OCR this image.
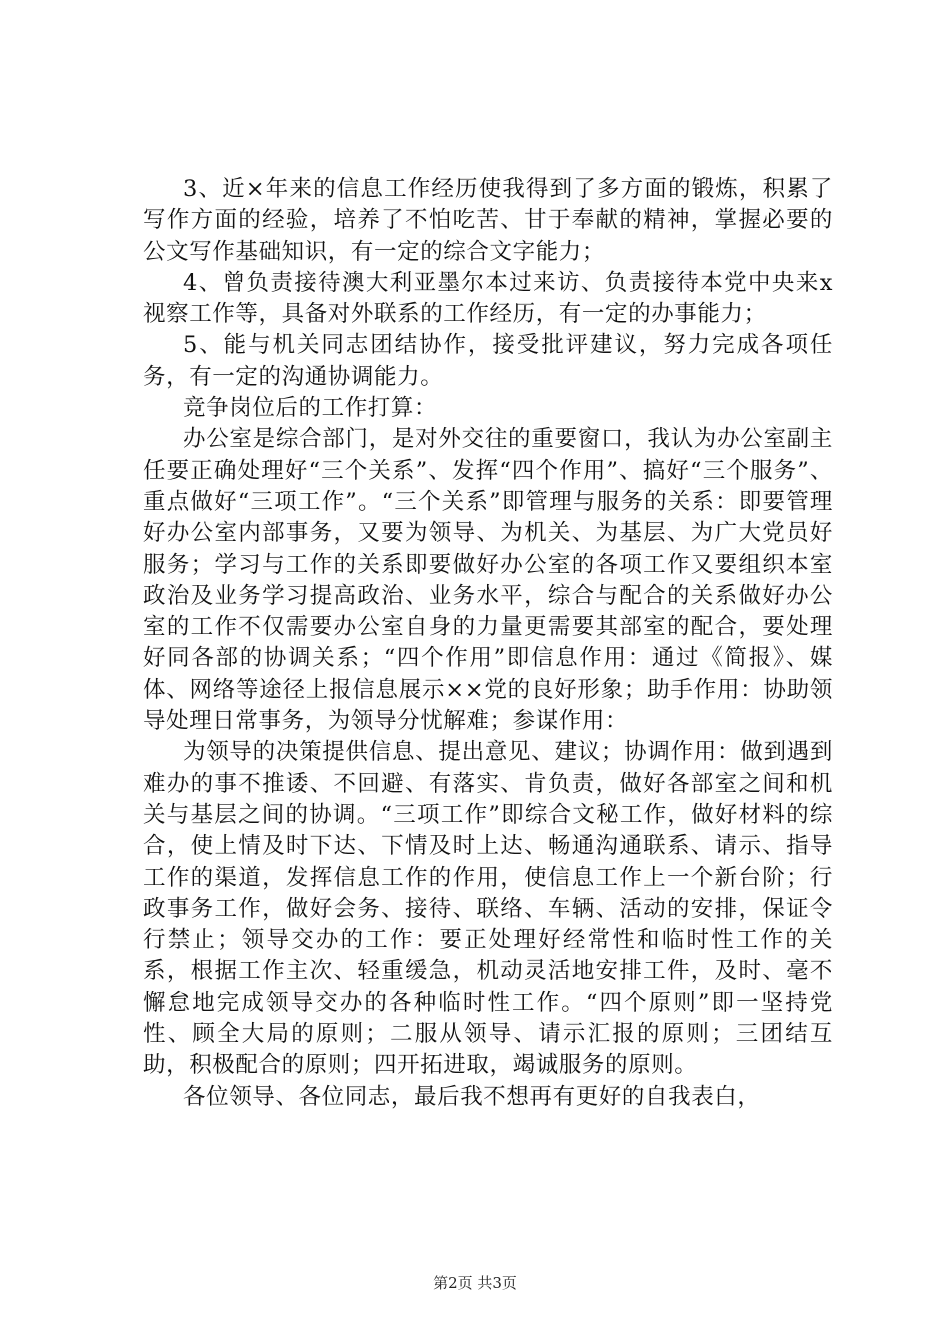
3、近×年来的信息工作经历使我得到了多方面的锻炼，积累了写作方面的经验，培养了不怕吃苦、甘于奉献的精神，掌握必要的公文写作基础知识，有一定的综合文字能力；

4、曾负责接待澳大利亚墨尔本过来访、负责接待本党中央来x视察工作等，具备对外联系的工作经历，有一定的办事能力；

5、能与机关同志团结协作，接受批评建议，努力完成各项任务，有一定的沟通协调能力。

竞争岗位后的工作打算：

办公室是综合部门，是对外交往的重要窗口，我认为办公室副主任要正确处理好“三个关系”、发挥“四个作用”、搞好“三个服务”、重点做好“三项工作”。“三个关系”即管理与服务的关系：即要管理好办公室内部事务，又要为领导、为机关、为基层、为广大党员好服务；学习与工作的关系即要做好办公室的各项工作又要组织本室政治及业务学习提高政治、业务水平，综合与配合的关系做好办公室的工作不仅需要办公室自身的力量更需要其部室的配合，要处理好同各部的协调关系；“四个作用”即信息作用：通过《简报》、媒体、网络等途径上报信息展示××党的良好形象；助手作用：协助领导处理日常事务，为领导分忧解难；参谋作用：

为领导的决策提供信息、提出意见、建议；协调作用：做到遇到难办的事不推诿、不回避、有落实、肯负责，做好各部室之间和机关与基层之间的协调。“三项工作”即综合文秘工作，做好材料的综合，使上情及时下达、下情及时上达、畅通沟通联系、请示、指导工作的渠道，发挥信息工作的作用，使信息工作上一个新台阶；行政事务工作，做好会务、接待、联络、车辆、活动的安排，保证令行禁止；领导交办的工作：要正处理好经常性和临时性工作的关系，根据工作主次、轻重缓急，机动灵活地安排工件，及时、毫不懈怠地完成领导交办的各种临时性工作。“四个原则”即一坚持党性、顾全大局的原则；二服从领导、请示汇报的原则；三团结互助，积极配合的原则；四开拓进取，竭诚服务的原则。

各位领导、各位同志，最后我不想再有更好的自我表白，

第2页 共3页
